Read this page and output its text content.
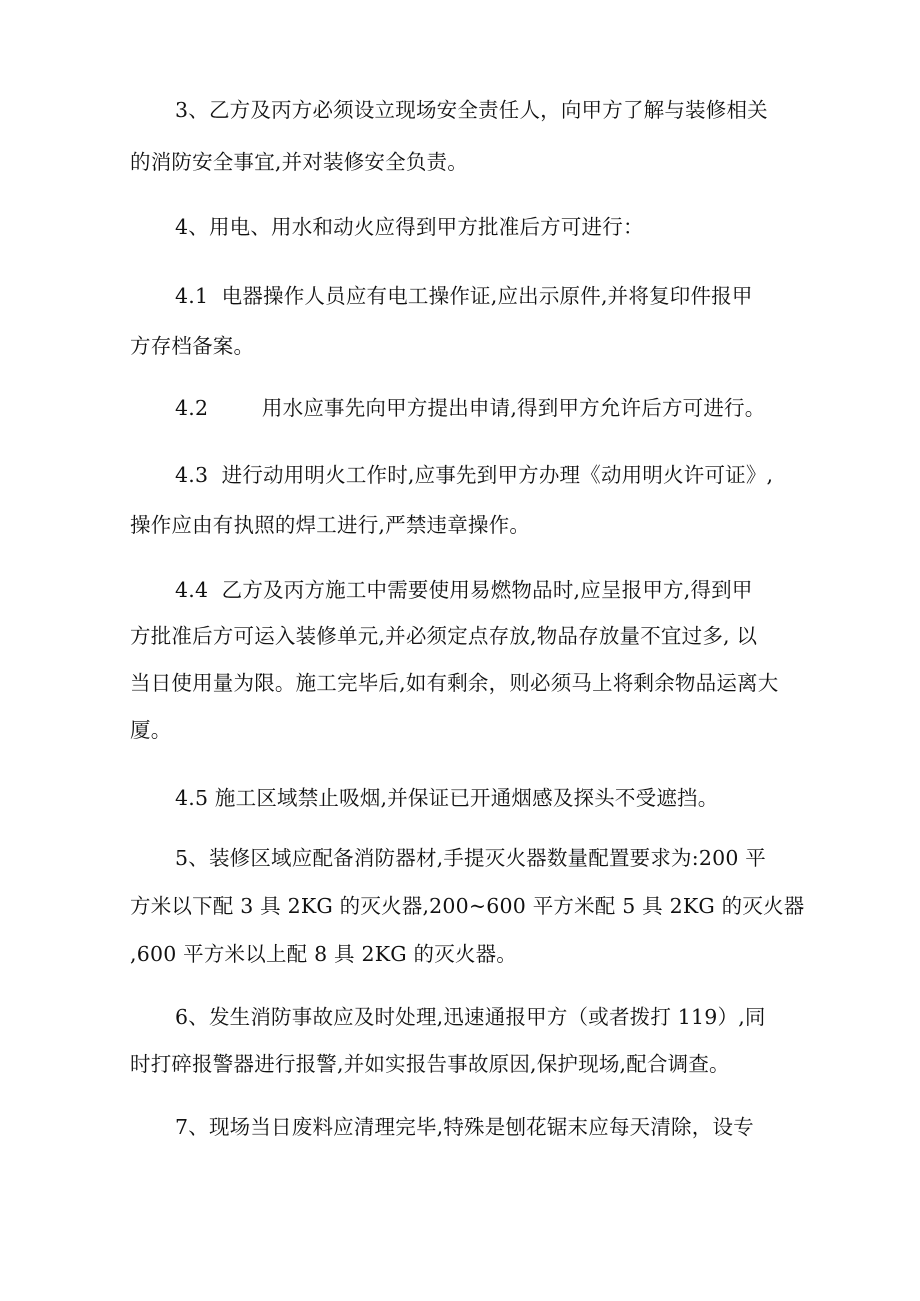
3、乙方及丙方必须设立现场安全责任人，向甲方了解与装修相关
的消防安全事宜,并对装修安全负责。
4、用电、用水和动火应得到甲方批准后方可进行：
4.1  电器操作人员应有电工操作证,应出示原件,并将复印件报甲
方存档备案。
4.2        用水应事先向甲方提出申请,得到甲方允许后方可进行。
4.3  进行动用明火工作时,应事先到甲方办理《动用明火许可证》,
操作应由有执照的焊工进行,严禁违章操作。
4.4  乙方及丙方施工中需要使用易燃物品时,应呈报甲方,得到甲
方批准后方可运入装修单元,并必须定点存放,物品存放量不宜过多, 以
当日使用量为限。施工完毕后,如有剩余，则必须马上将剩余物品运离大
厦。
4.5 施工区域禁止吸烟,并保证已开通烟感及探头不受遮挡。
5、装修区域应配备消防器材,手提灭火器数量配置要求为:200 平
方米以下配 3 具 2KG 的灭火器,200~600 平方米配 5 具 2KG 的灭火器
,600 平方米以上配 8 具 2KG 的灭火器。
6、发生消防事故应及时处理,迅速通报甲方（或者拨打 119）,同
时打碎报警器进行报警,并如实报告事故原因,保护现场,配合调查。
7、现场当日废料应清理完毕,特殊是刨花锯末应每天清除，设专
